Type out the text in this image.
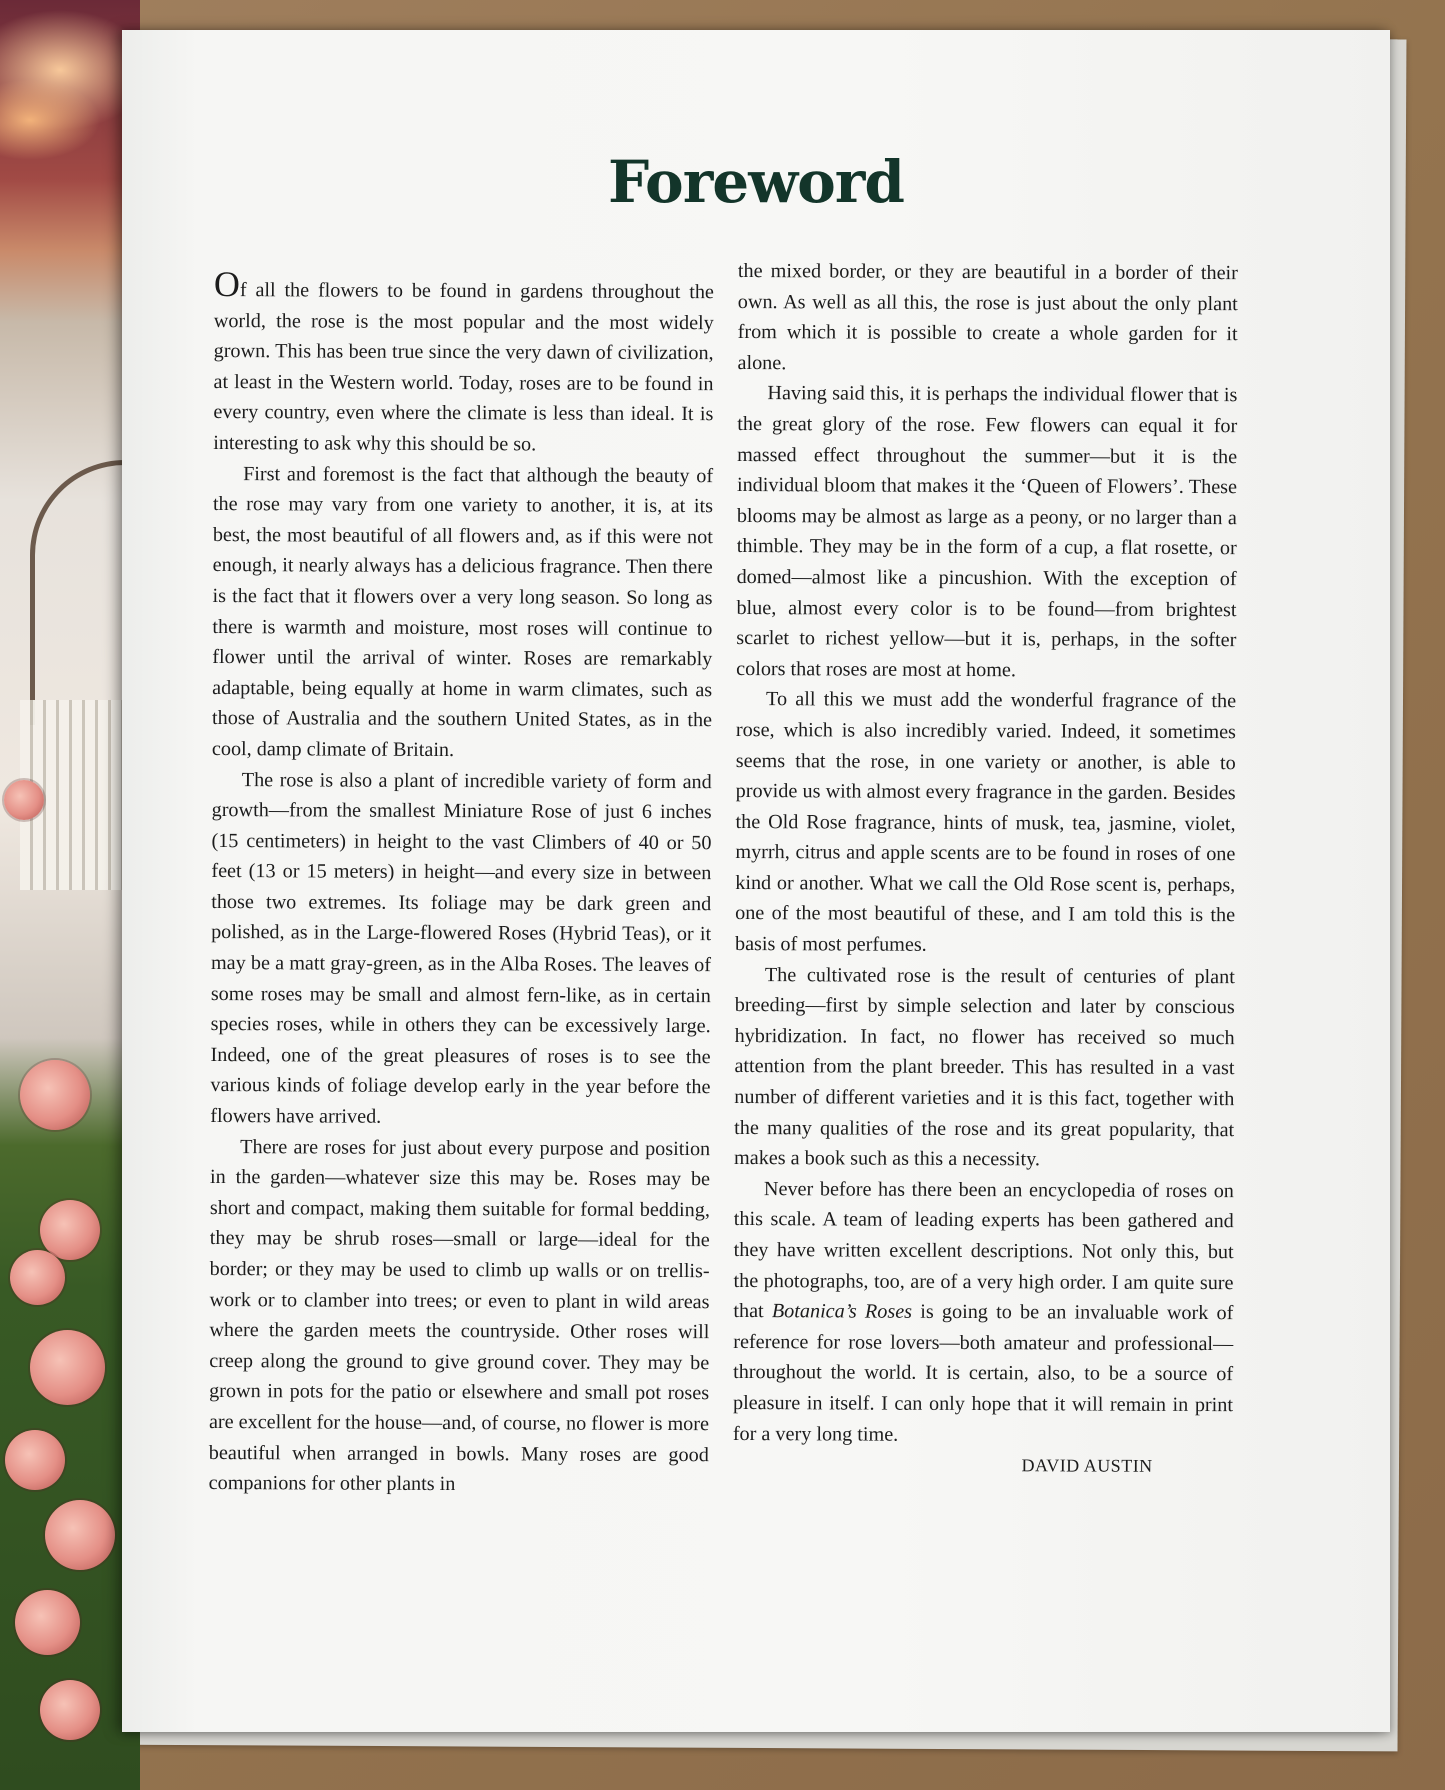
Foreword

Of all the flowers to be found in gardens throughout the world, the rose is the most popular and the most widely grown. This has been true since the very dawn of civilization, at least in the Western world. Today, roses are to be found in every country, even where the climate is less than ideal. It is interesting to ask why this should be so.

First and foremost is the fact that although the beauty of the rose may vary from one variety to another, it is, at its best, the most beautiful of all flowers and, as if this were not enough, it nearly always has a delicious fragrance. Then there is the fact that it flowers over a very long season. So long as there is warmth and moisture, most roses will continue to flower until the arrival of winter. Roses are remarkably adaptable, being equally at home in warm climates, such as those of Australia and the southern United States, as in the cool, damp climate of Britain.

The rose is also a plant of incredible variety of form and growth—from the smallest Miniature Rose of just 6 inches (15 centimeters) in height to the vast Climbers of 40 or 50 feet (13 or 15 meters) in height—and every size in between those two extremes. Its foliage may be dark green and polished, as in the Large-flowered Roses (Hybrid Teas), or it may be a matt gray-green, as in the Alba Roses. The leaves of some roses may be small and almost fern-like, as in certain species roses, while in others they can be excessively large. Indeed, one of the great pleasures of roses is to see the various kinds of foliage develop early in the year before the flowers have arrived.

There are roses for just about every purpose and position in the garden—whatever size this may be. Roses may be short and compact, making them suitable for formal bedding, they may be shrub roses—small or large—ideal for the border; or they may be used to climb up walls or on trellis-work or to clamber into trees; or even to plant in wild areas where the garden meets the countryside. Other roses will creep along the ground to give ground cover. They may be grown in pots for the patio or elsewhere and small pot roses are excellent for the house—and, of course, no flower is more beautiful when arranged in bowls. Many roses are good companions for other plants in

the mixed border, or they are beautiful in a border of their own. As well as all this, the rose is just about the only plant from which it is possible to create a whole garden for it alone.

Having said this, it is perhaps the individual flower that is the great glory of the rose. Few flowers can equal it for massed effect throughout the summer—but it is the individual bloom that makes it the ‘Queen of Flowers’. These blooms may be almost as large as a peony, or no larger than a thimble. They may be in the form of a cup, a flat rosette, or domed—almost like a pincushion. With the exception of blue, almost every color is to be found—from brightest scarlet to richest yellow—but it is, perhaps, in the softer colors that roses are most at home.

To all this we must add the wonderful fragrance of the rose, which is also incredibly varied. Indeed, it sometimes seems that the rose, in one variety or another, is able to provide us with almost every fragrance in the garden. Besides the Old Rose fragrance, hints of musk, tea, jasmine, violet, myrrh, citrus and apple scents are to be found in roses of one kind or another. What we call the Old Rose scent is, perhaps, one of the most beautiful of these, and I am told this is the basis of most perfumes.

The cultivated rose is the result of centuries of plant breeding—first by simple selection and later by conscious hybridization. In fact, no flower has received so much attention from the plant breeder. This has resulted in a vast number of different varieties and it is this fact, together with the many qualities of the rose and its great popularity, that makes a book such as this a necessity.

Never before has there been an encyclopedia of roses on this scale. A team of leading experts has been gathered and they have written excellent descriptions. Not only this, but the photographs, too, are of a very high order. I am quite sure that Botanica’s Roses is going to be an invaluable work of reference for rose lovers—both amateur and professional—throughout the world. It is certain, also, to be a source of pleasure in itself. I can only hope that it will remain in print for a very long time.

DAVID AUSTIN
